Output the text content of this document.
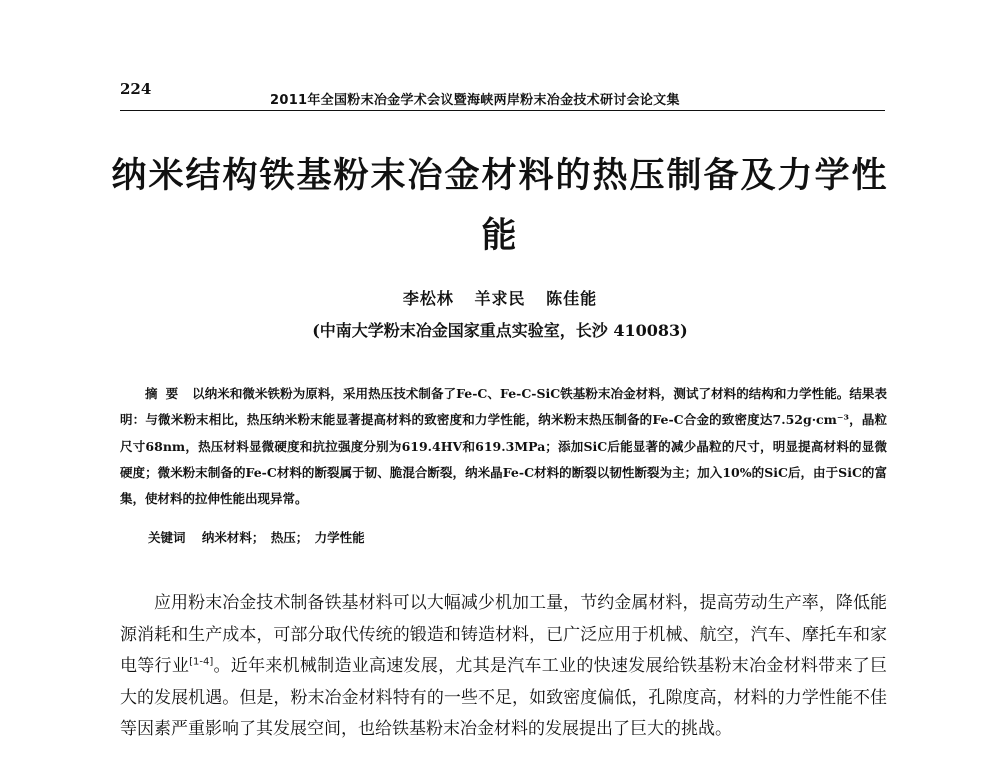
224
2011年全国粉末冶金学术会议暨海峡两岸粉末冶金技术研讨会论文集
纳米结构铁基粉末冶金材料的热压制备及力学性能
李松林 羊求民 陈佳能
(中南大学粉末冶金国家重点实验室，长沙 410083)
摘要 以纳米和微米铁粉为原料，采用热压技术制备了Fe-C、Fe-C-SiC铁基粉末冶金材料，测试了材料的结构和力学性能。结果表明：与微米粉末相比，热压纳米粉末能显著提高材料的致密度和力学性能，纳米粉末热压制备的Fe-C合金的致密度达7.52g·cm⁻³，晶粒尺寸68nm，热压材料显微硬度和抗拉强度分别为619.4HV和619.3MPa；添加SiC后能显著的减少晶粒的尺寸，明显提高材料的显微硬度；微米粉末制备的Fe-C材料的断裂属于韧、脆混合断裂，纳米晶Fe-C材料的断裂以韧性断裂为主；加入10%的SiC后，由于SiC的富集，使材料的拉伸性能出现异常。
关键词 纳米材料； 热压； 力学性能
应用粉末冶金技术制备铁基材料可以大幅减少机加工量，节约金属材料，提高劳动生产率，降低能源消耗和生产成本，可部分取代传统的锻造和铸造材料，已广泛应用于机械、航空，汽车、摩托车和家电等行业[1-4]。近年来机械制造业高速发展，尤其是汽车工业的快速发展给铁基粉末冶金材料带来了巨大的发展机遇。但是，粉末冶金材料特有的一些不足，如致密度偏低，孔隙度高，材料的力学性能不佳等因素严重影响了其发展空间，也给铁基粉末冶金材料的发展提出了巨大的挑战。
